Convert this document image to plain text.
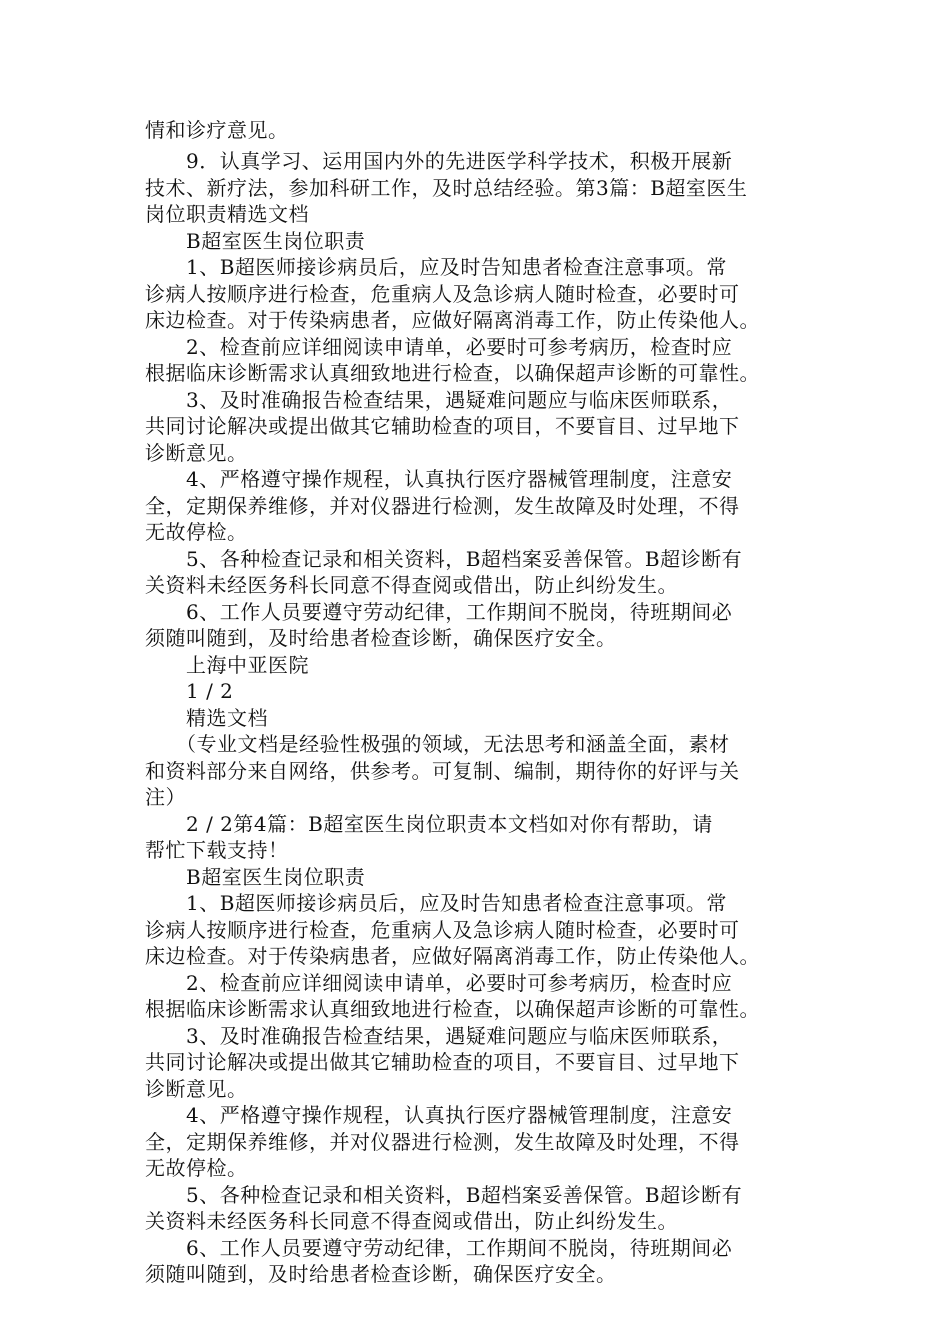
情和诊疗意见。
　　9．认真学习、运用国内外的先进医学科学技术，积极开展新
技术、新疗法，参加科研工作，及时总结经验。第3篇：B超室医生
岗位职责精选文档
　　B超室医生岗位职责
　　1、B超医师接诊病员后，应及时告知患者检查注意事项。常
诊病人按顺序进行检查，危重病人及急诊病人随时检查，必要时可
床边检查。对于传染病患者，应做好隔离消毒工作，防止传染他人。
　　2、检查前应详细阅读申请单，必要时可参考病历，检查时应
根据临床诊断需求认真细致地进行检查，以确保超声诊断的可靠性。
　　3、及时准确报告检查结果，遇疑难问题应与临床医师联系，
共同讨论解决或提出做其它辅助检查的项目，不要盲目、过早地下
诊断意见。
　　4、严格遵守操作规程，认真执行医疗器械管理制度，注意安
全，定期保养维修，并对仪器进行检测，发生故障及时处理，不得
无故停检。
　　5、各种检查记录和相关资料，B超档案妥善保管。B超诊断有
关资料未经医务科长同意不得查阅或借出，防止纠纷发生。
　　6、工作人员要遵守劳动纪律，工作期间不脱岗，待班期间必
须随叫随到，及时给患者检查诊断，确保医疗安全。
　　上海中亚医院
　　1 / 2
　　精选文档
　　（专业文档是经验性极强的领域，无法思考和涵盖全面，素材
和资料部分来自网络，供参考。可复制、编制，期待你的好评与关
注）
　　2 / 2第4篇：B超室医生岗位职责本文档如对你有帮助，请
帮忙下载支持！
　　B超室医生岗位职责
　　1、B超医师接诊病员后，应及时告知患者检查注意事项。常
诊病人按顺序进行检查，危重病人及急诊病人随时检查，必要时可
床边检查。对于传染病患者，应做好隔离消毒工作，防止传染他人。
　　2、检查前应详细阅读申请单，必要时可参考病历，检查时应
根据临床诊断需求认真细致地进行检查，以确保超声诊断的可靠性。
　　3、及时准确报告检查结果，遇疑难问题应与临床医师联系，
共同讨论解决或提出做其它辅助检查的项目，不要盲目、过早地下
诊断意见。
　　4、严格遵守操作规程，认真执行医疗器械管理制度，注意安
全，定期保养维修，并对仪器进行检测，发生故障及时处理，不得
无故停检。
　　5、各种检查记录和相关资料，B超档案妥善保管。B超诊断有
关资料未经医务科长同意不得查阅或借出，防止纠纷发生。
　　6、工作人员要遵守劳动纪律，工作期间不脱岗，待班期间必
须随叫随到，及时给患者检查诊断，确保医疗安全。
